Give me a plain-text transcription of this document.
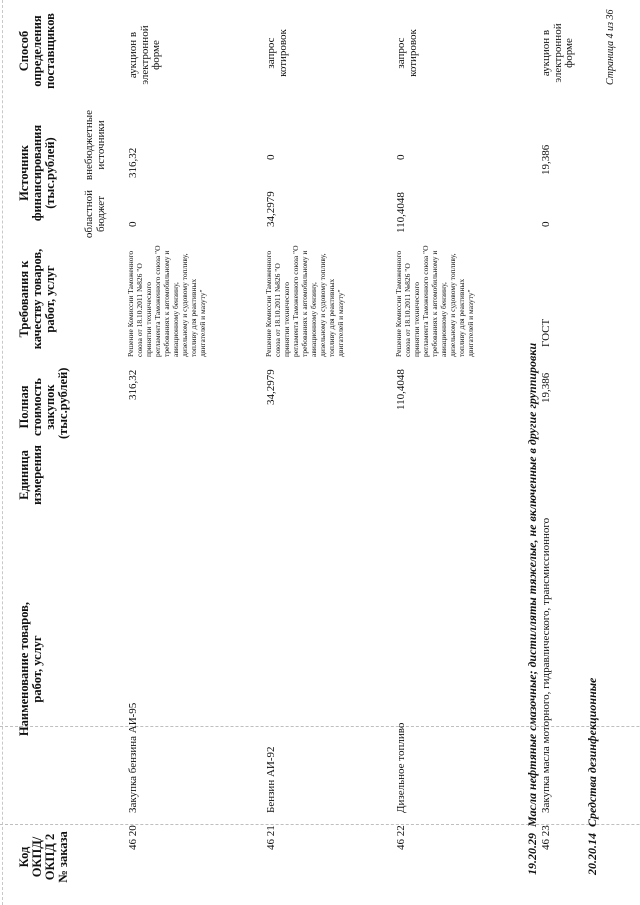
Код ОКПД/ ОКПД 2 № заказа
Наименование товаров, работ, услуг
Единица измерения
Полная стоимость закупок (тыс.рублей)
Требования к качеству товаров, работ, услуг
Источник финансирования (тыс.рублей)
областной бюджет
внебюджетные источники
Способ определения поставщиков
46 20
Закупка бензина АИ-95
316,32
Решение Комиссии Таможенного союза от 18.10.2011 №826 "О принятии технического регламента Таможенного союза "О требованиях к автомобильному и авиационному бензину, дизельному и судовому топливу, топливу для реактивных двигателей и мазуту"
0
316,32
аукцион в электронной форме
46 21
Бензин АИ-92
34,2979
Решение Комиссии Таможенного союза от 18.10.2011 №826 "О принятии технического регламента Таможенного союза "О требованиях к автомобильному и авиационному бензину, дизельному и судовому топливу, топливу для реактивных двигателей и мазуту"
34,2979
0
запрос котировок
46 22
Дизельное топливо
110,4048
Решение Комиссии Таможенного союза от 18.10.2011 №826 "О принятии технического регламента Таможенного союза "О требованиях к автомобильному и авиационному бензину, дизельному и судовому топливу, топливу для реактивных двигателей и мазуту"
110,4048
0
запрос котировок
19.20.29  Масла нефтяные смазочные; дистилляты тяжелые, не включенные в другие группировки
46 23
Закупка масла моторного, гидравлического, трансмиссионного
19,386
ГОСТ
0
19,386
аукцион в электронной форме
20.20.14  Средства дезинфекционные
Страница 4 из 36
